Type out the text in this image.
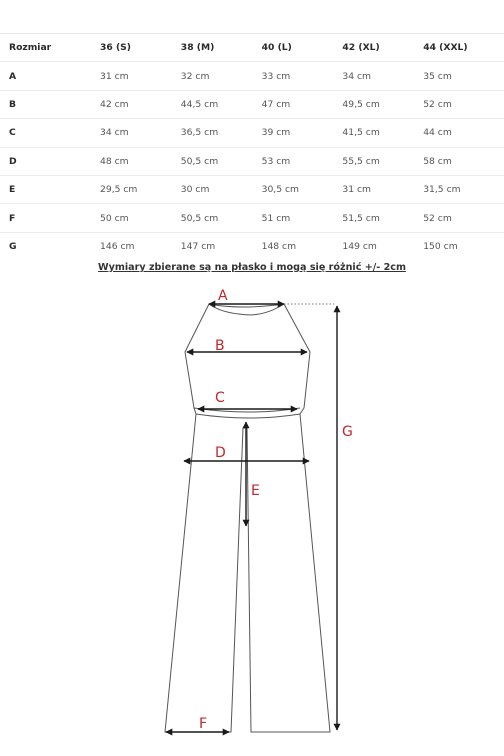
Rozmiar	36 (S)	38 (M)	40 (L)	42 (XL)	44 (XXL)
A	31 cm	32 cm	33 cm	34 cm	35 cm
B	42 cm	44,5 cm	47 cm	49,5 cm	52 cm
C	34 cm	36,5 cm	39 cm	41,5 cm	44 cm
D	48 cm	50,5 cm	53 cm	55,5 cm	58 cm
E	29,5 cm	30 cm	30,5 cm	31 cm	31,5 cm
F	50 cm	50,5 cm	51 cm	51,5 cm	52 cm
G	146 cm	147 cm	148 cm	149 cm	150 cm
Wymiary zbierane są na płasko i mogą się różnić +/- 2cm
A
B
C
D
E
F
G
